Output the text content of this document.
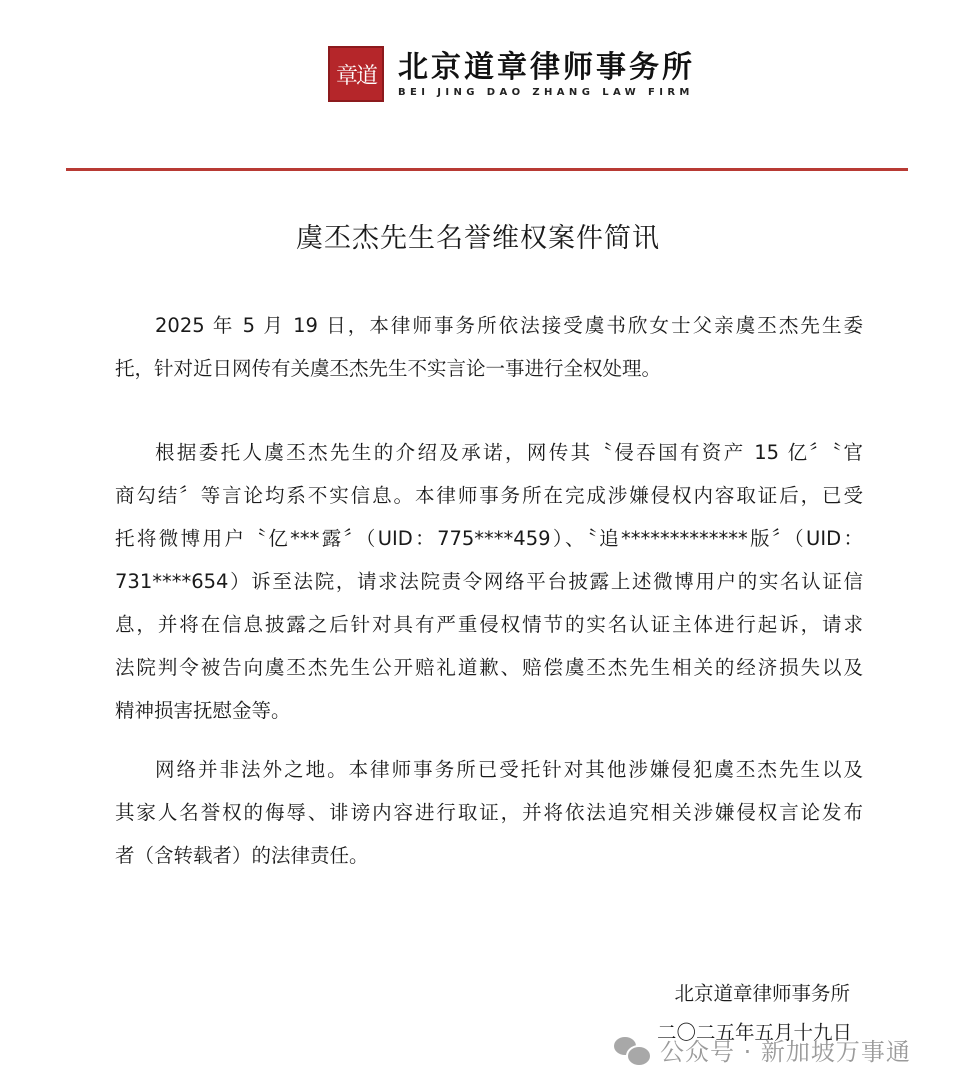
章道 北京道章律师事务所
BEI JING DAO ZHANG LAW FIRM
虞丕杰先生名誉维权案件简讯
2025 年 5 月 19 日，本律师事务所依法接受虞书欣女士父亲虞丕杰先生委
托，针对近日网传有关虞丕杰先生不实言论一事进行全权处理。
根据委托人虞丕杰先生的介绍及承诺，网传其〝侵吞国有资产 15 亿〞〝官
商勾结〞等言论均系不实信息。本律师事务所在完成涉嫌侵权内容取证后，已受
托将微博用户〝亿***露〞（UID：775****459）、〝追*************版〞（UID：
731****654）诉至法院，请求法院责令网络平台披露上述微博用户的实名认证信
息，并将在信息披露之后针对具有严重侵权情节的实名认证主体进行起诉，请求
法院判令被告向虞丕杰先生公开赔礼道歉、赔偿虞丕杰先生相关的经济损失以及
精神损害抚慰金等。
网络并非法外之地。本律师事务所已受托针对其他涉嫌侵犯虞丕杰先生以及
其家人名誉权的侮辱、诽谤内容进行取证，并将依法追究相关涉嫌侵权言论发布
者（含转载者）的法律责任。
北京道章律师事务所
二〇二五年五月十九日
公众号 · 新加坡万事通
